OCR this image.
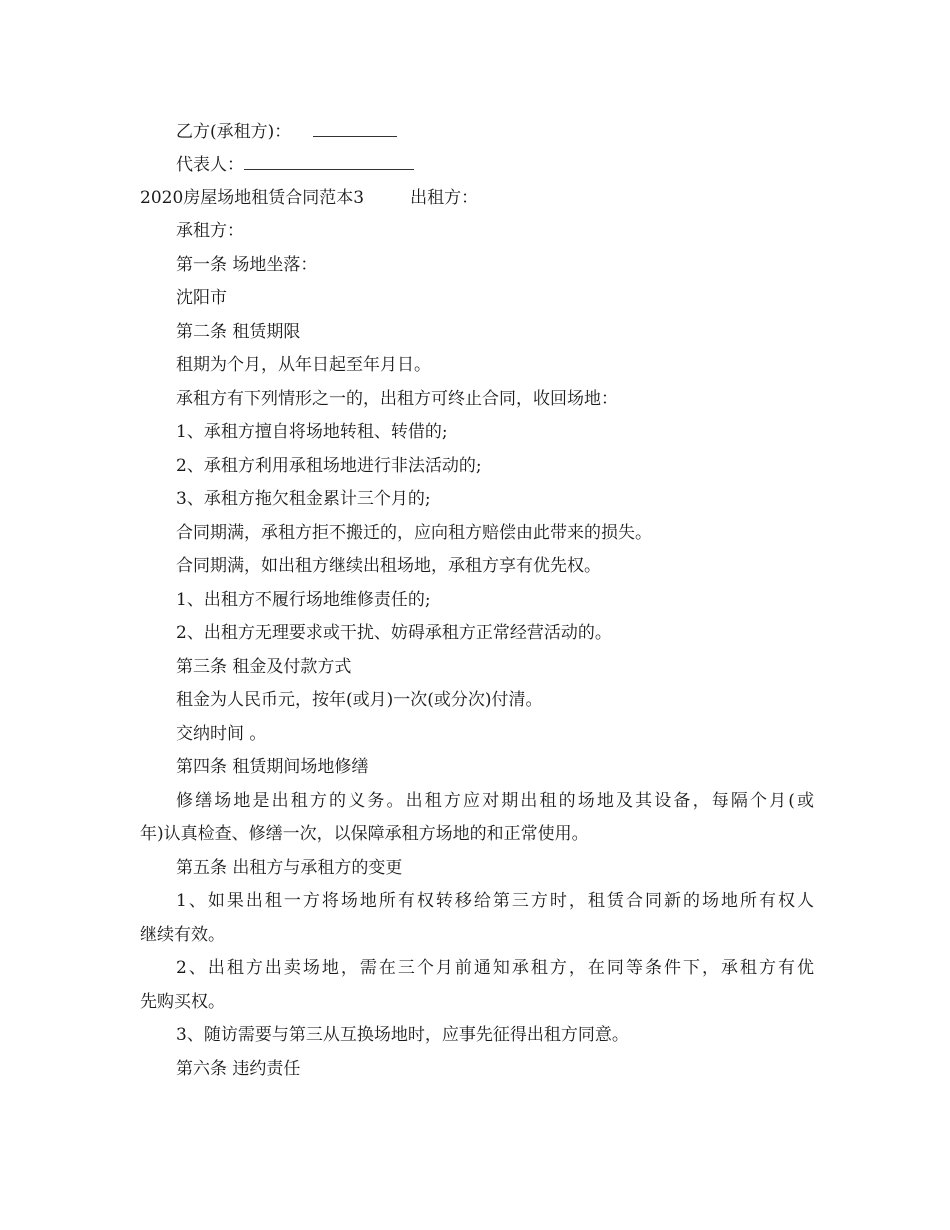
乙方(承租方)：
代表人：
2020房屋场地租赁合同范本3	出租方：
承租方：
第一条 场地坐落：
沈阳市
第二条 租赁期限
租期为个月，从年日起至年月日。
承租方有下列情形之一的，出租方可终止合同，收回场地：
1、承租方擅自将场地转租、转借的;
2、承租方利用承租场地进行非法活动的;
3、承租方拖欠租金累计三个月的;
合同期满，承租方拒不搬迁的，应向租方赔偿由此带来的损失。
合同期满，如出租方继续出租场地，承租方享有优先权。
1、出租方不履行场地维修责任的;
2、出租方无理要求或干扰、妨碍承租方正常经营活动的。
第三条 租金及付款方式
租金为人民币元，按年(或月)一次(或分次)付清。
交纳时间 。
第四条 租赁期间场地修缮
修缮场地是出租方的义务。出租方应对期出租的场地及其设备，每隔个月(或
年)认真检查、修缮一次，以保障承租方场地的和正常使用。
第五条 出租方与承租方的变更
1、如果出租一方将场地所有权转移给第三方时，租赁合同新的场地所有权人
继续有效。
2、出租方出卖场地，需在三个月前通知承租方，在同等条件下，承租方有优
先购买权。
3、随访需要与第三从互换场地时，应事先征得出租方同意。
第六条 违约责任
